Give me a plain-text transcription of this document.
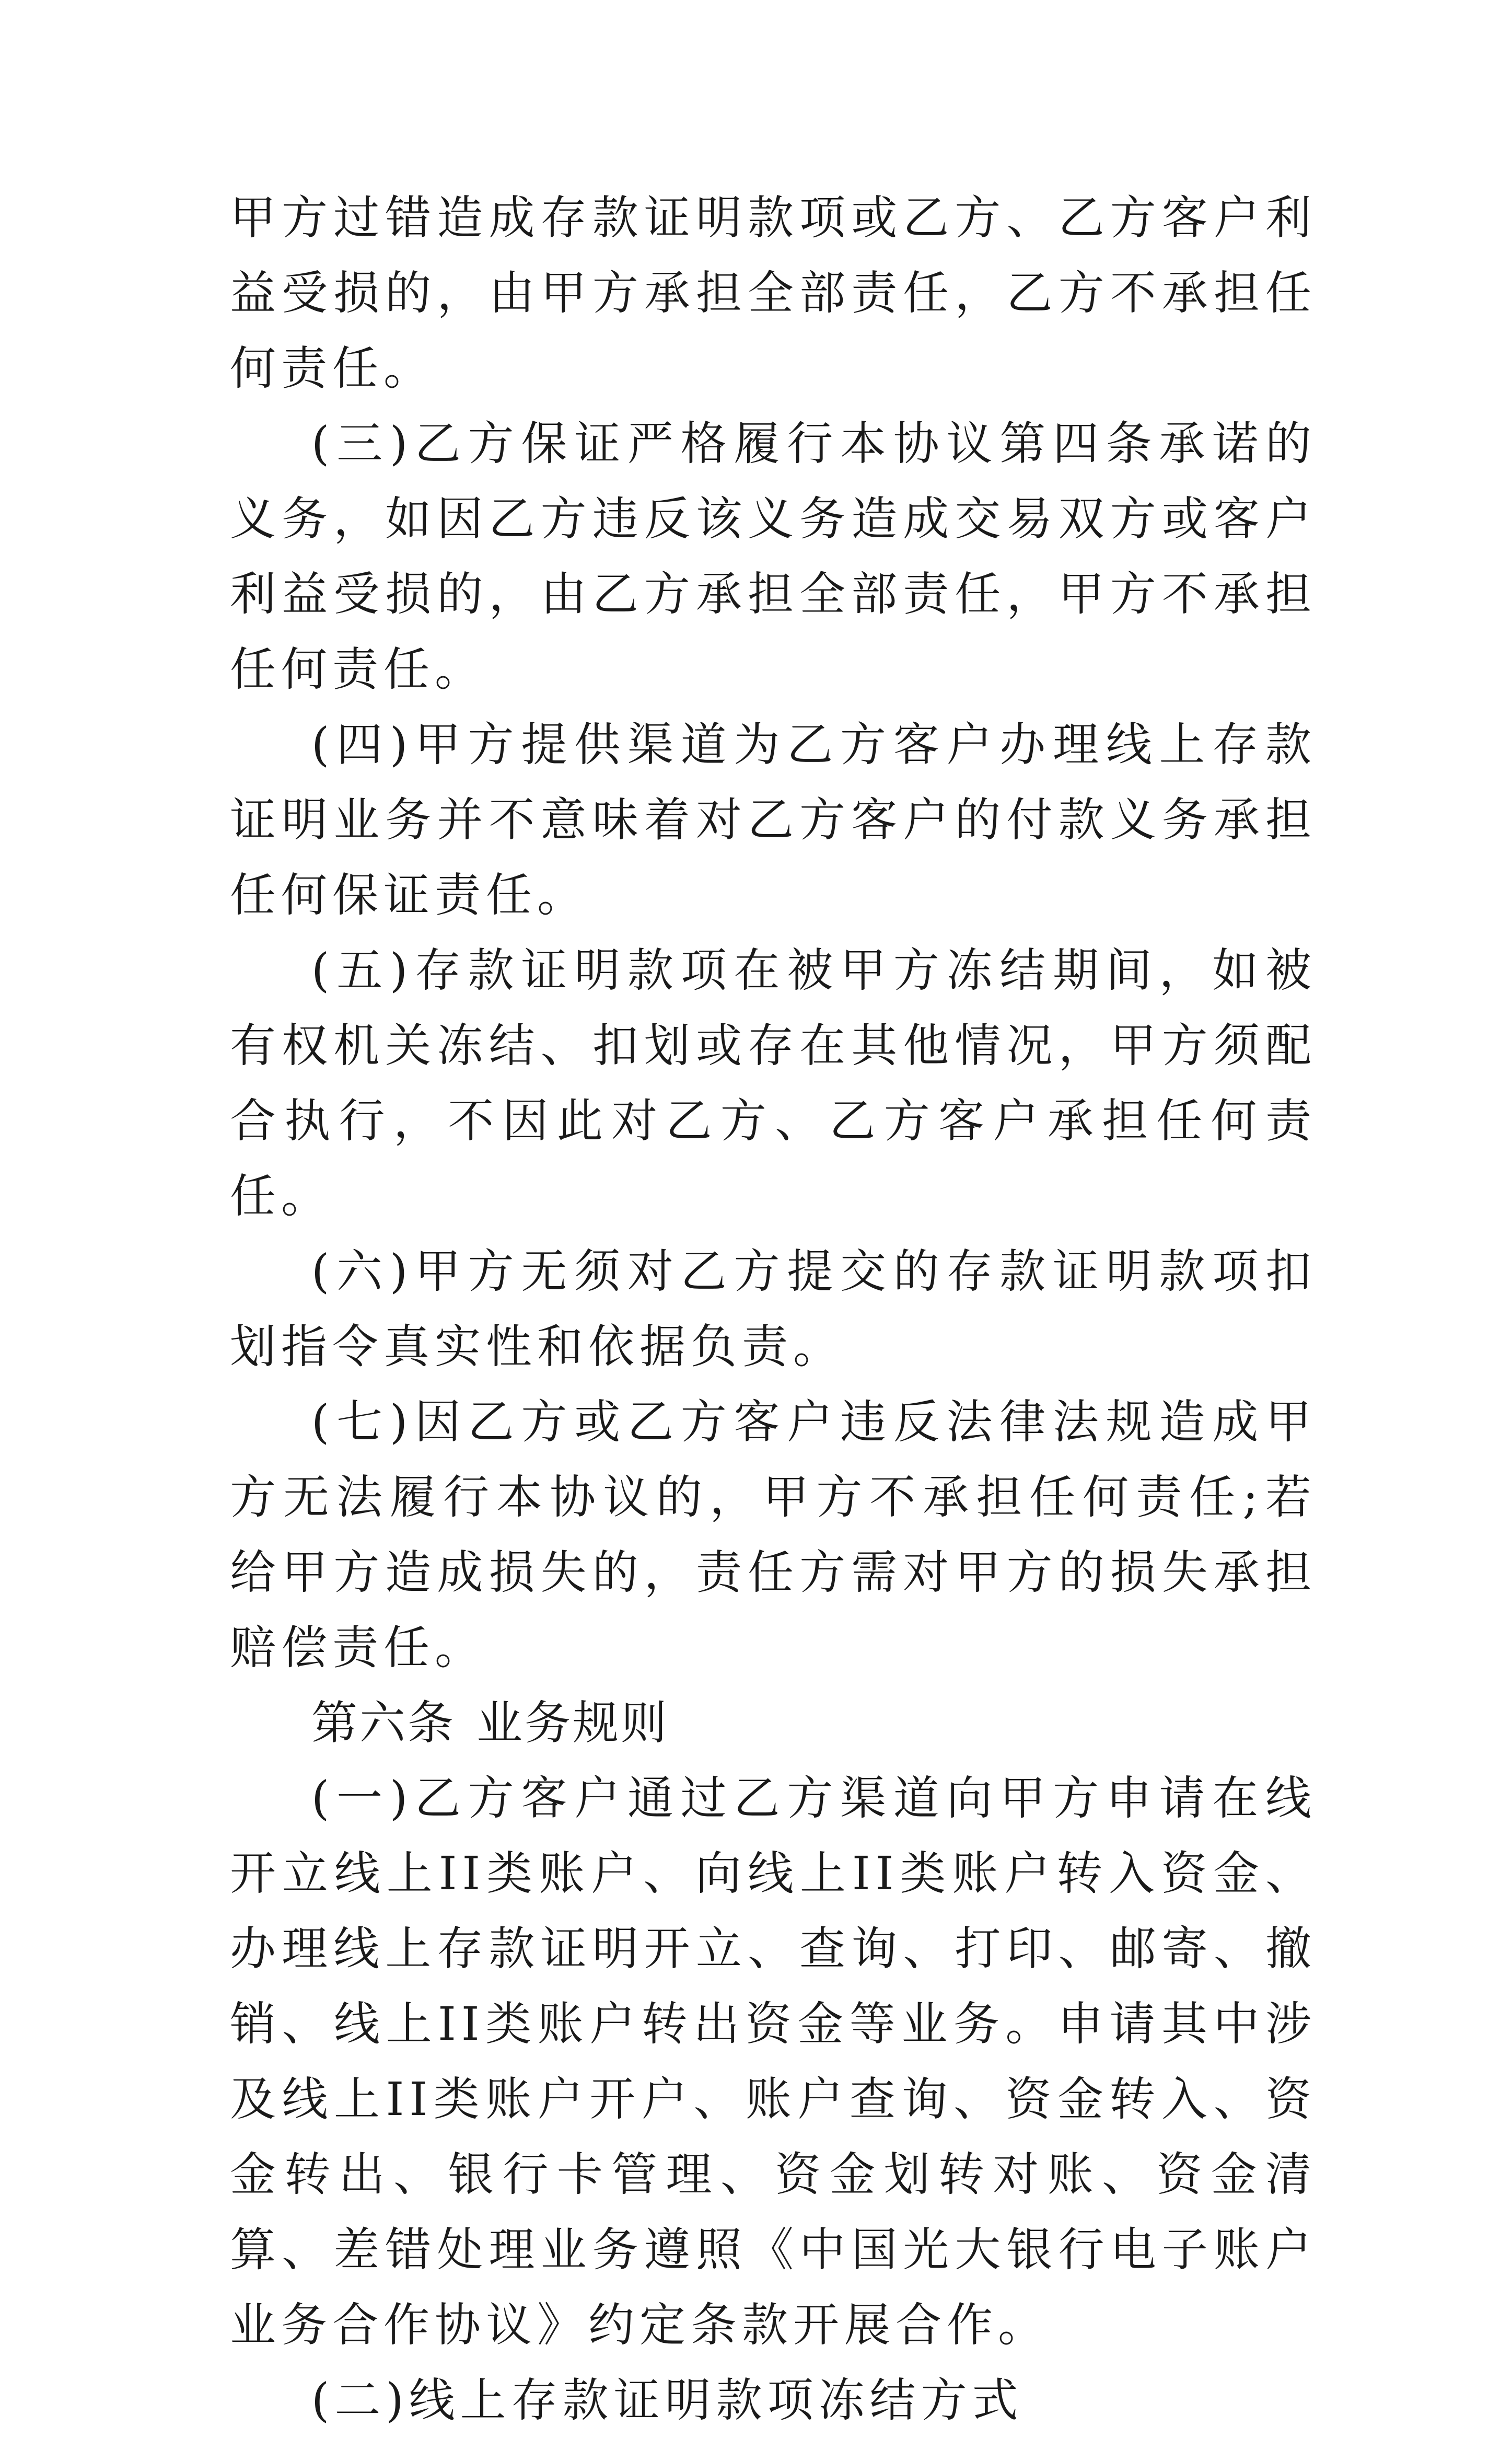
甲方过错造成存款证明款项或乙方、乙方客户利益受损的，由甲方承担全部责任，乙方不承担任何责任。

(三)乙方保证严格履行本协议第四条承诺的义务，如因乙方违反该义务造成交易双方或客户利益受损的，由乙方承担全部责任，甲方不承担任何责任。

(四)甲方提供渠道为乙方客户办理线上存款证明业务并不意味着对乙方客户的付款义务承担任何保证责任。

(五)存款证明款项在被甲方冻结期间，如被有权机关冻结、扣划或存在其他情况，甲方须配合执行，不因此对乙方、乙方客户承担任何责任。

(六)甲方无须对乙方提交的存款证明款项扣划指令真实性和依据负责。

(七)因乙方或乙方客户违反法律法规造成甲方无法履行本协议的，甲方不承担任何责任;若给甲方造成损失的，责任方需对甲方的损失承担赔偿责任。

第六条 业务规则

(一)乙方客户通过乙方渠道向甲方申请在线开立线上II类账户、向线上II类账户转入资金、办理线上存款证明开立、查询、打印、邮寄、撤销、线上II类账户转出资金等业务。申请其中涉及线上II类账户开户、账户查询、资金转入、资金转出、银行卡管理、资金划转对账、资金清算、差错处理业务遵照《中国光大银行电子账户业务合作协议》约定条款开展合作。

(二)线上存款证明款项冻结方式
